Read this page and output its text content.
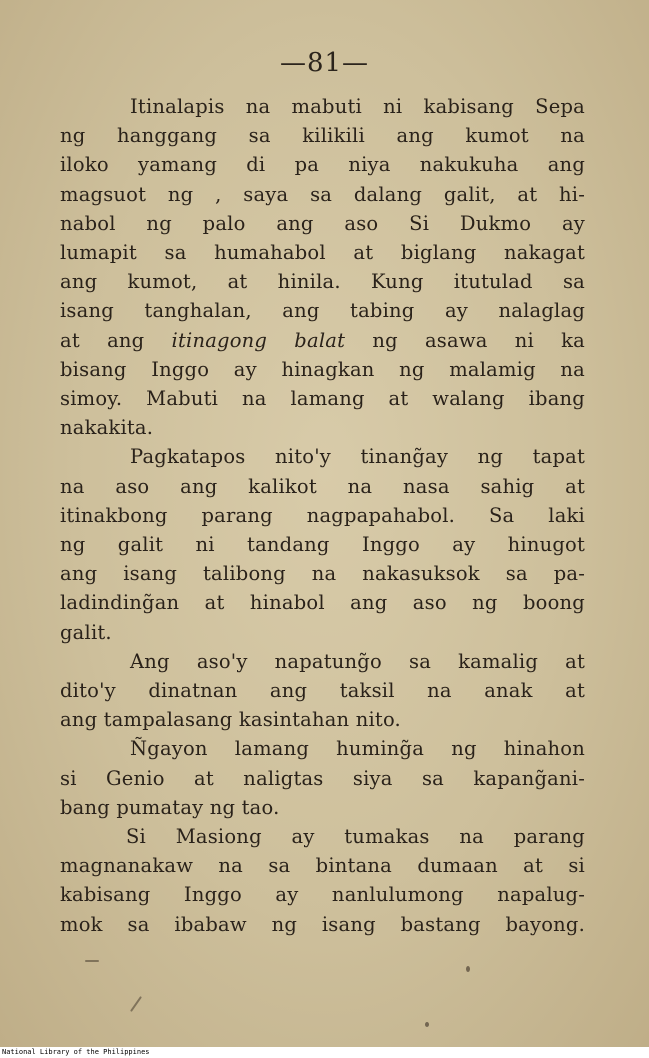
—81—

Itinalapis na mabuti ni kabisang Sepa
ng hanggang sa kilikili ang kumot na
iloko yamang di pa niya nakukuha ang
magsuot ng , saya sa dalang galit, at hi-
nabol ng palo ang aso Si Dukmo ay
lumapit sa humahabol at biglang nakagat
ang kumot, at hinila. Kung itutulad sa
isang tanghalan, ang tabing ay nalaglag
at ang itinagong balat ng asawa ni ka
bisang Inggo ay hinagkan ng malamig na
simoy. Mabuti na lamang at walang ibang
nakakita.

Pagkatapos nito'y tinang̃ay ng tapat
na aso ang kalikot na nasa sahig at
itinakbong parang nagpapahabol. Sa laki
ng galit ni tandang Inggo ay hinugot
ang isang talibong na nakasuksok sa pa-
ladinding̃an at hinabol ang aso ng boong
galit.

Ang aso'y napatung̃o sa kamalig at
dito'y dinatnan ang taksil na anak at
ang tampalasang kasintahan nito.

Ñgayon lamang huming̃a ng hinahon
si Genio at naligtas siya sa kapang̃ani-
bang pumatay ng tao.

Si Masiong ay tumakas na parang
magnanakaw na sa bintana dumaan at si
kabisang Inggo ay nanlulumong napalug-
mok sa ibabaw ng isang bastang bayong.

National Library of the Philippines
